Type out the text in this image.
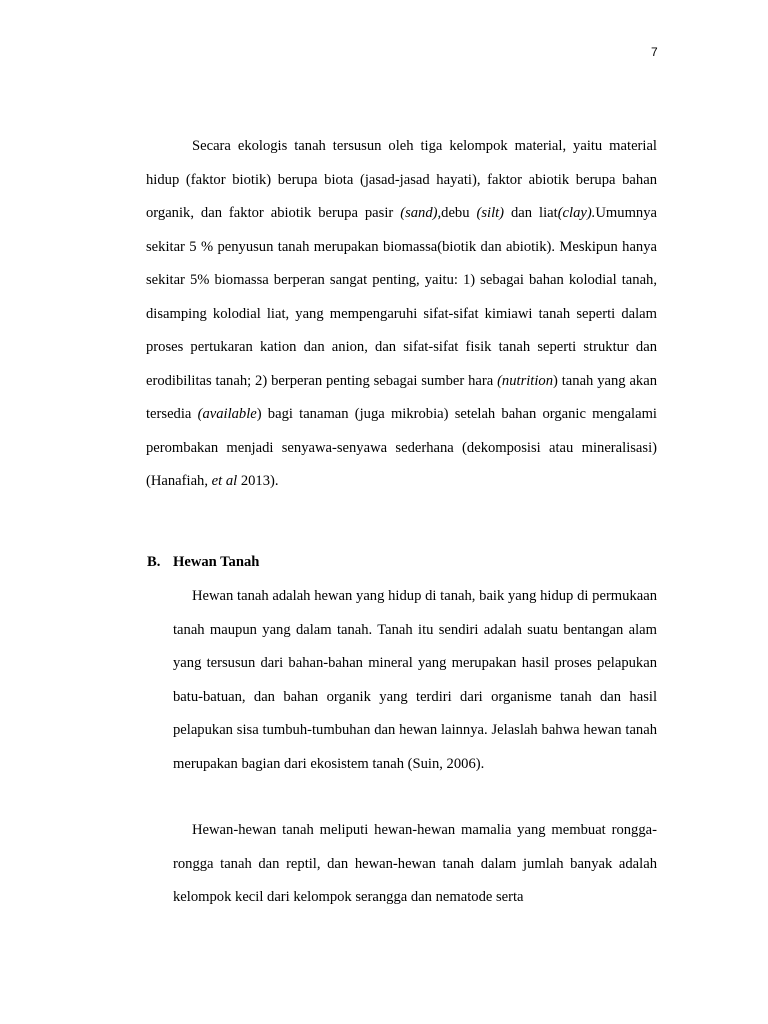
7

Secara ekologis tanah tersusun oleh tiga kelompok material, yaitu material hidup (faktor biotik) berupa biota (jasad-jasad hayati), faktor abiotik berupa bahan organik, dan faktor abiotik berupa pasir (sand),debu (silt) dan liat(clay).Umumnya sekitar 5 % penyusun tanah merupakan biomassa(biotik dan abiotik). Meskipun hanya sekitar 5% biomassa berperan sangat penting, yaitu: 1) sebagai bahan kolodial tanah, disamping kolodial liat, yang mempengaruhi sifat-sifat kimiawi tanah seperti dalam proses pertukaran kation dan anion, dan sifat-sifat fisik tanah seperti struktur dan erodibilitas tanah; 2) berperan penting sebagai sumber hara (nutrition) tanah yang akan tersedia (available) bagi tanaman (juga mikrobia) setelah bahan organic mengalami perombakan menjadi senyawa-senyawa sederhana (dekomposisi atau mineralisasi) (Hanafiah, et al 2013).

B. Hewan Tanah

Hewan tanah adalah hewan yang hidup di tanah, baik yang hidup di permukaan tanah maupun yang dalam tanah. Tanah itu sendiri adalah suatu bentangan alam yang tersusun dari bahan-bahan mineral yang merupakan hasil proses pelapukan batu-batuan, dan bahan organik yang terdiri dari organisme tanah dan hasil pelapukan sisa tumbuh-tumbuhan dan hewan lainnya. Jelaslah bahwa hewan tanah merupakan bagian dari ekosistem tanah (Suin, 2006).

Hewan-hewan tanah meliputi hewan-hewan mamalia yang membuat rongga-rongga tanah dan reptil, dan hewan-hewan tanah dalam jumlah banyak adalah kelompok kecil dari kelompok serangga dan nematode serta
